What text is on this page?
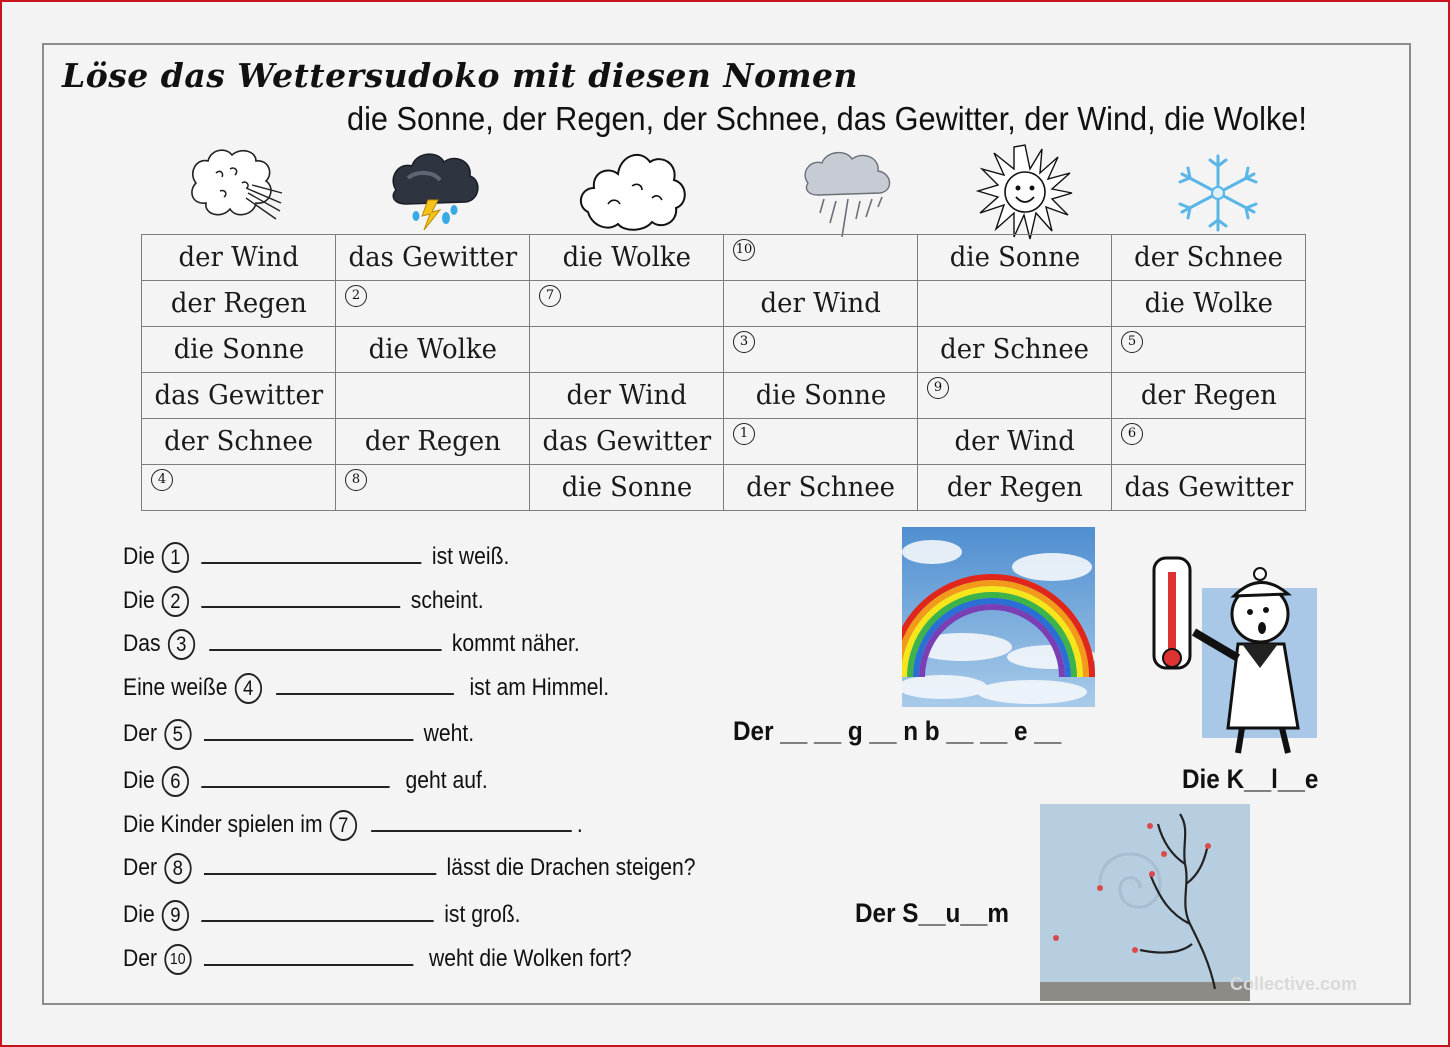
Löse das Wettersudoko mit diesen Nomen
die Sonne, der Regen, der Schnee, das Gewitter, der Wind, die Wolke!
der Wind	das Gewitter	die Wolke	10	die Sonne	der Schnee
der Regen	2	7	der Wind		die Wolke
die Sonne	die Wolke		3	der Schnee	5

das Gewitter		der Wind	die Sonne	9	der Regen
der Schnee	der Regen	das Gewitter	1	der Wind	6

4	8	die Sonne	der Schnee	der Regen	das Gewitter
Der __ __ g __ n b __ __ e __
Die K__l__e
Der S__u__m
Collective.com
Die 1	ist weiß.
Die 2	scheint.
Das 3	kommt näher.
Eine weiße 4	ist am Himmel.
Der 5	weht.
Die 6	geht auf.
Die Kinder spielen im 7	.
Der 8	lässt die Drachen steigen?
Die 9	ist groß.
Der 10	weht die Wolken fort?
